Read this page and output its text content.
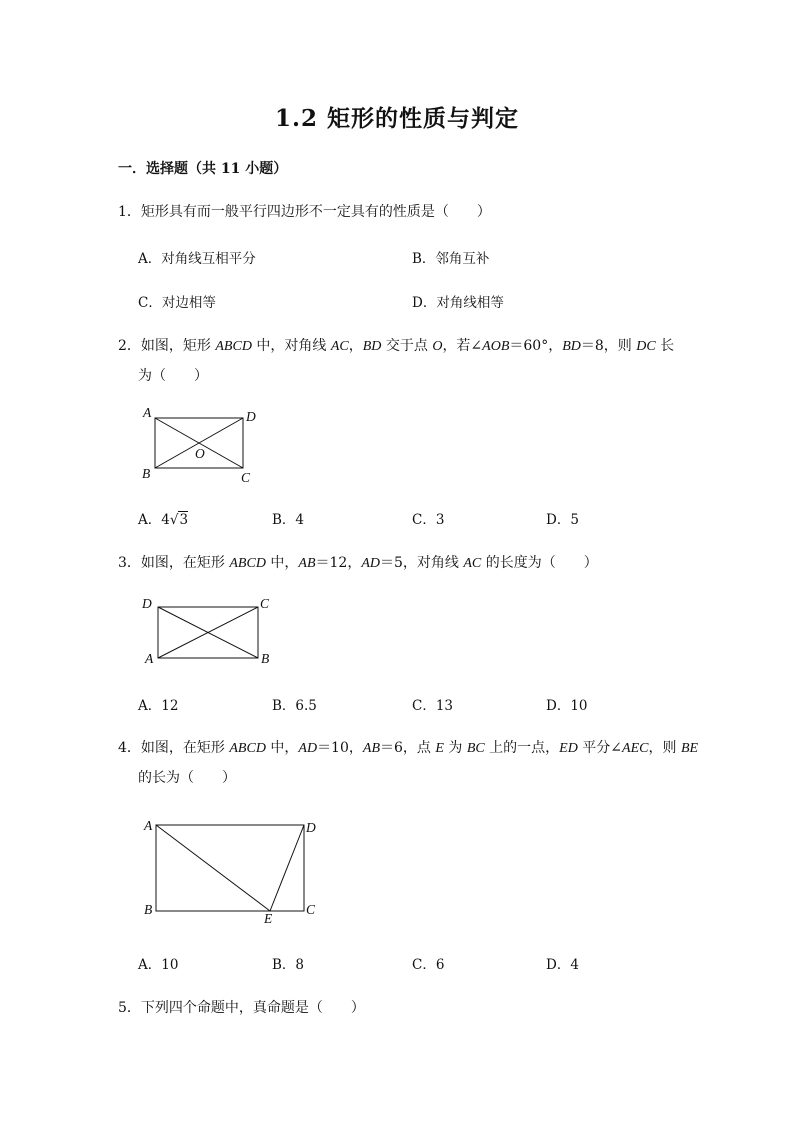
1.2 矩形的性质与判定
一．选择题（共 11 小题）
1．矩形具有而一般平行四边形不一定具有的性质是（　　）
A．对角线互相平分	B．邻角互补
C．对边相等	D．对角线相等
2．如图，矩形 ABCD 中，对角线 AC，BD 交于点 O，若∠AOB＝60°，BD＝8，则 DC 长
为（　　）
A	D
B	C
O
A．4√3	B．4	C．3	D．5
3．如图，在矩形 ABCD 中，AB＝12，AD＝5，对角线 AC 的长度为（　　）
D	C
A	B
A．12	B．6.5	C．13	D．10
4．如图，在矩形 ABCD 中，AD＝10，AB＝6，点 E 为 BC 上的一点，ED 平分∠AEC，则 BE
的长为（　　）
A	D
B	C
E
A．10	B．8	C．6	D．4
5．下列四个命题中，真命题是（　　）
